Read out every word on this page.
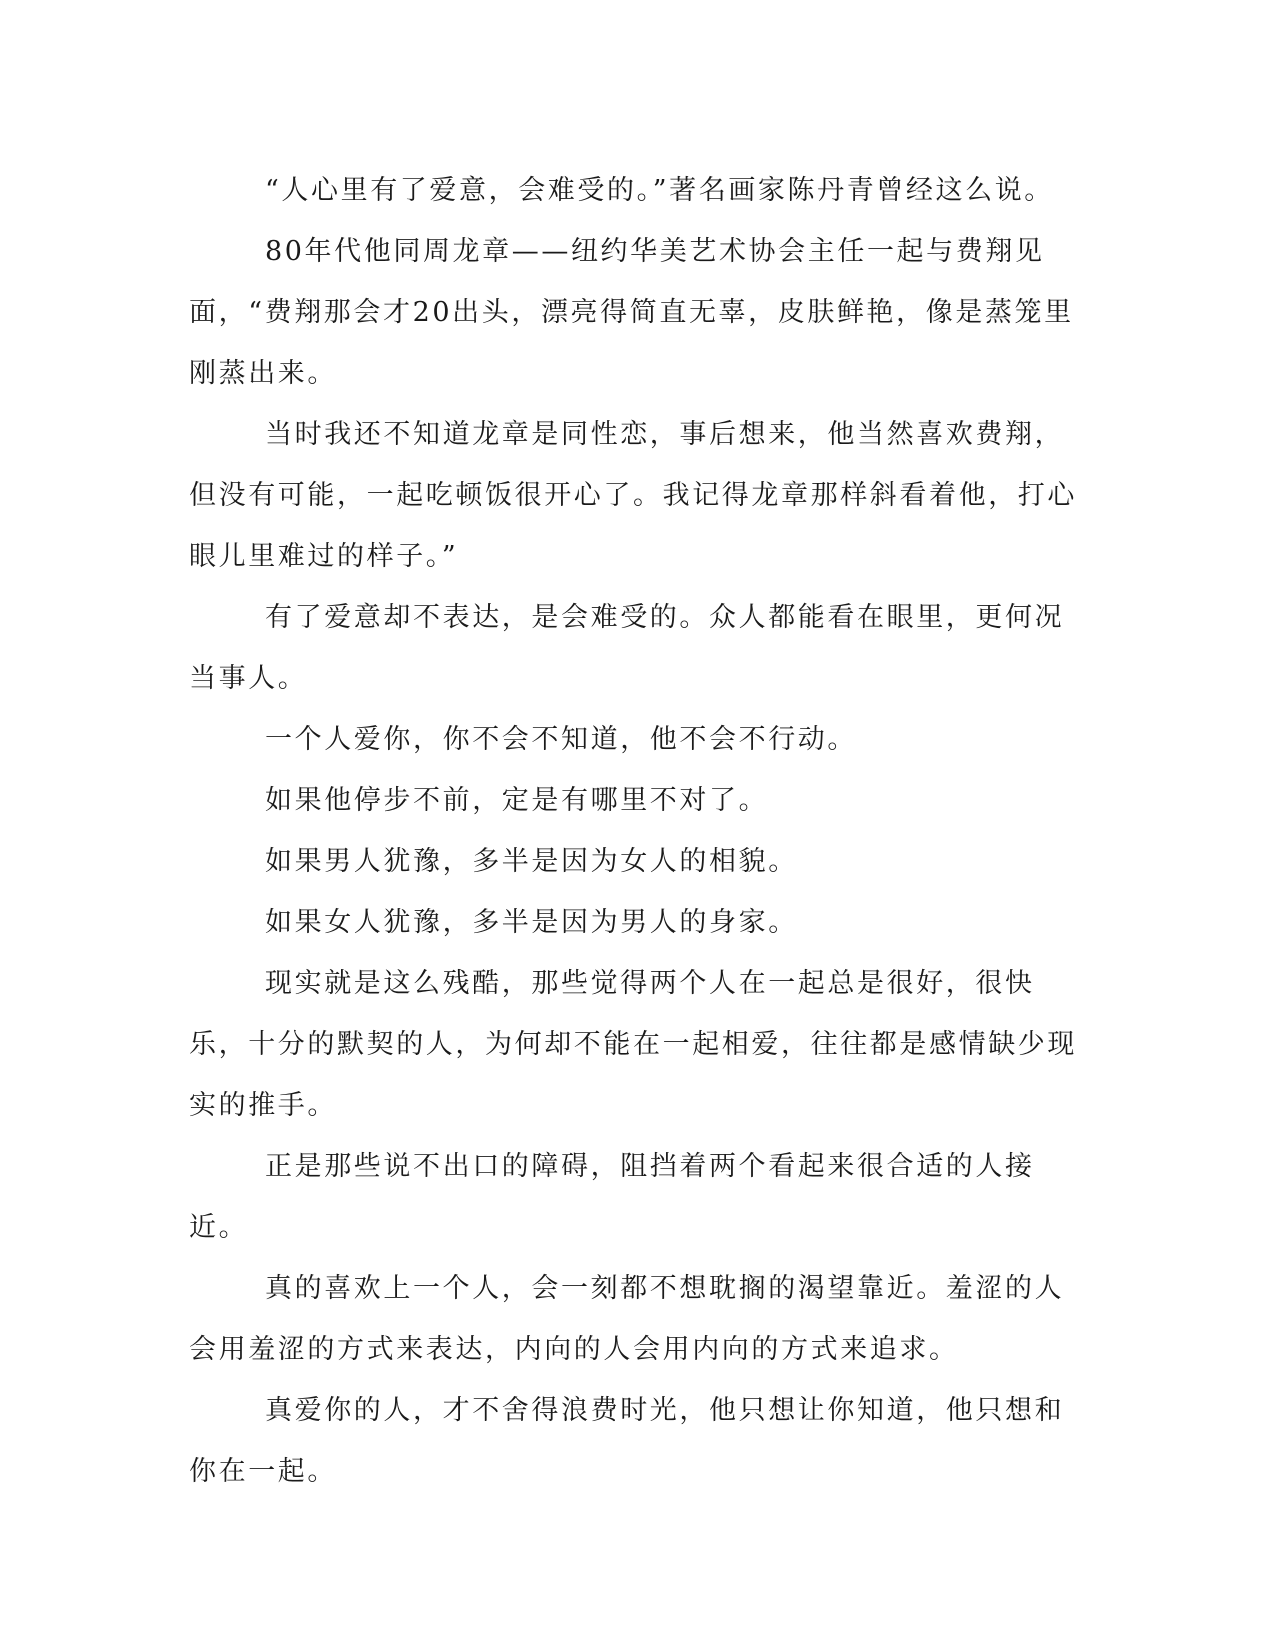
“人心里有了爱意，会难受的。”著名画家陈丹青曾经这么说。

80年代他同周龙章——纽约华美艺术协会主任一起与费翔见面，“费翔那会才20出头，漂亮得简直无辜，皮肤鲜艳，像是蒸笼里刚蒸出来。

当时我还不知道龙章是同性恋，事后想来，他当然喜欢费翔，但没有可能，一起吃顿饭很开心了。我记得龙章那样斜看着他，打心眼儿里难过的样子。”

有了爱意却不表达，是会难受的。众人都能看在眼里，更何况当事人。

一个人爱你，你不会不知道，他不会不行动。

如果他停步不前，定是有哪里不对了。

如果男人犹豫，多半是因为女人的相貌。

如果女人犹豫，多半是因为男人的身家。

现实就是这么残酷，那些觉得两个人在一起总是很好，很快乐，十分的默契的人，为何却不能在一起相爱，往往都是感情缺少现实的推手。

正是那些说不出口的障碍，阻挡着两个看起来很合适的人接近。

真的喜欢上一个人，会一刻都不想耽搁的渴望靠近。羞涩的人会用羞涩的方式来表达，内向的人会用内向的方式来追求。

真爱你的人，才不舍得浪费时光，他只想让你知道，他只想和你在一起。
